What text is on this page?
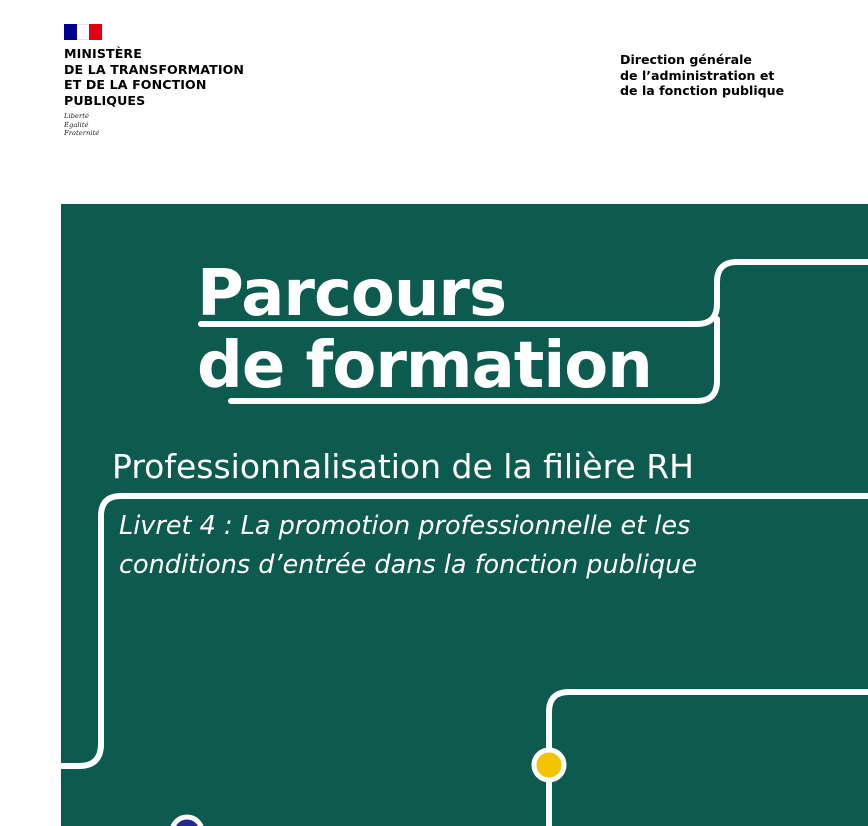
MINISTÈRE
DE LA TRANSFORMATION
ET DE LA FONCTION
PUBLIQUES
Liberté
Égalité
Fraternité
Direction générale
de l’administration et
de la fonction publique
Parcours
de formation
Professionnalisation de la filière RH
Livret 4 : La promotion professionnelle et les
conditions d’entrée dans la fonction publique
